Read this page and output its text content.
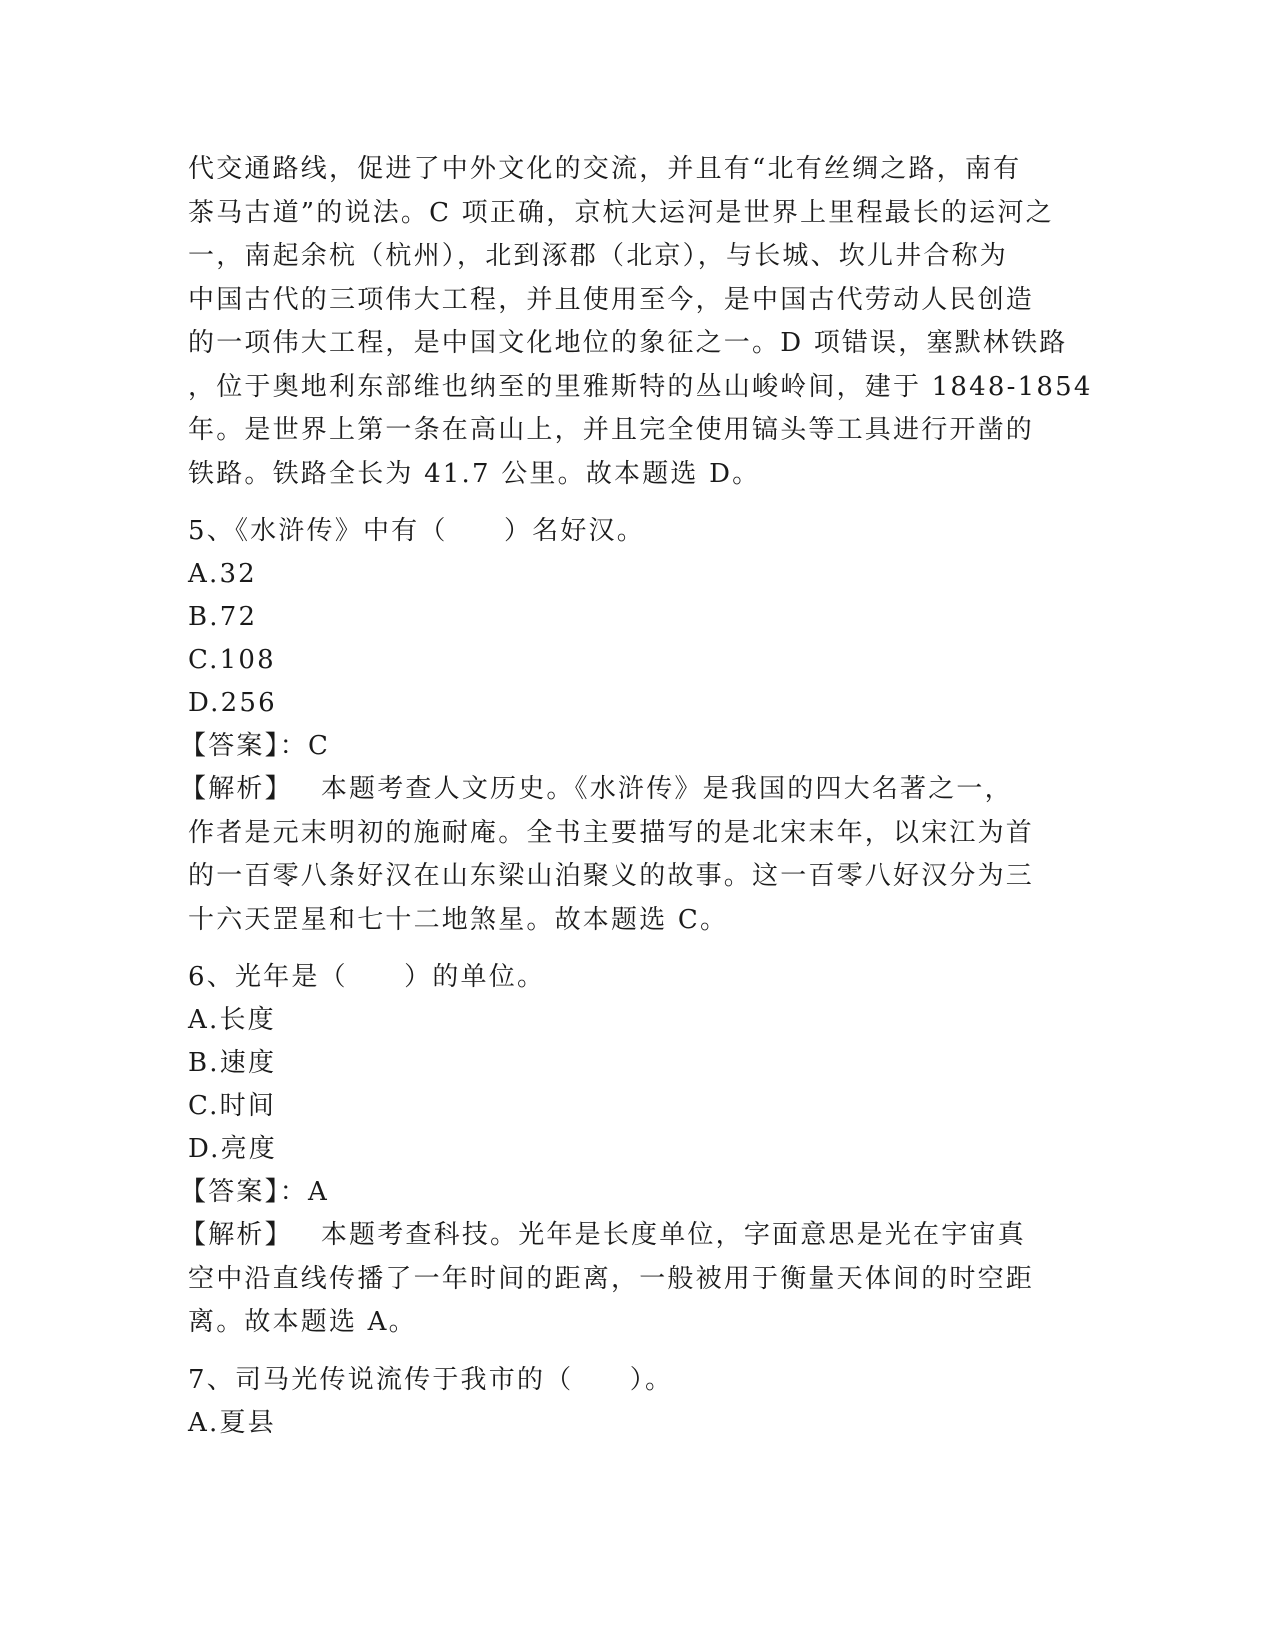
代交通路线，促进了中外文化的交流，并且有“北有丝绸之路，南有
茶马古道”的说法。C 项正确，京杭大运河是世界上里程最长的运河之
一，南起余杭（杭州），北到涿郡（北京），与长城、坎儿井合称为
中国古代的三项伟大工程，并且使用至今，是中国古代劳动人民创造
的一项伟大工程，是中国文化地位的象征之一。D 项错误，塞默林铁路
，位于奥地利东部维也纳至的里雅斯特的丛山峻岭间，建于 1848-1854
年。是世界上第一条在高山上，并且完全使用镐头等工具进行开凿的
铁路。铁路全长为 41.7 公里。故本题选 D。
5、《水浒传》中有（　　）名好汉。
A.32
B.72
C.108
D.256
【答案】：C
【解析】 本题考查人文历史。《水浒传》是我国的四大名著之一，
作者是元末明初的施耐庵。全书主要描写的是北宋末年，以宋江为首
的一百零八条好汉在山东梁山泊聚义的故事。这一百零八好汉分为三
十六天罡星和七十二地煞星。故本题选 C。
6、光年是（　　）的单位。
A.长度
B.速度
C.时间
D.亮度
【答案】：A
【解析】 本题考查科技。光年是长度单位，字面意思是光在宇宙真
空中沿直线传播了一年时间的距离，一般被用于衡量天体间的时空距
离。故本题选 A。
7、司马光传说流传于我市的（　　）。
A.夏县
